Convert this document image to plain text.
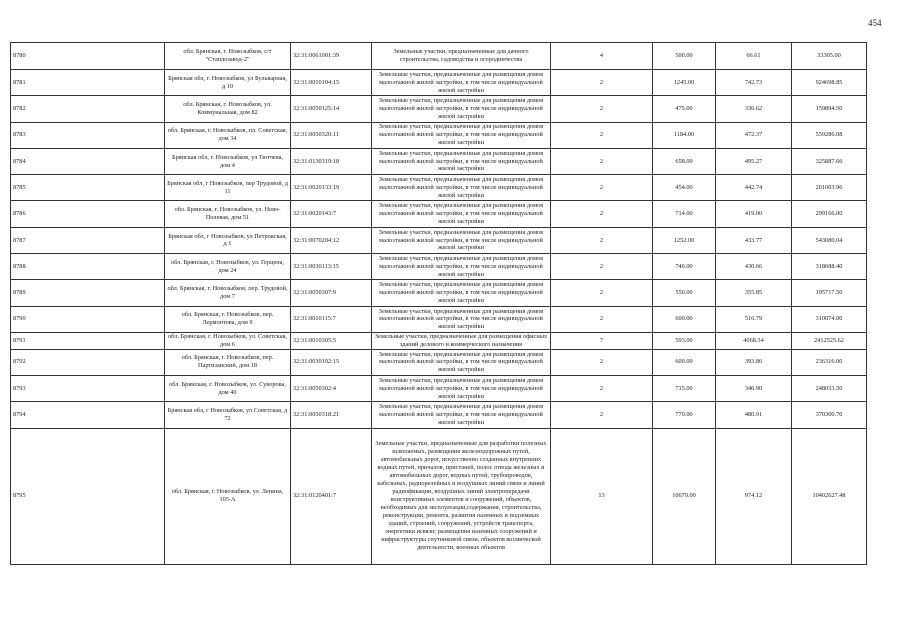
454
8780	обл. Брянская, г. Новозыбков, с/т "Стаплозавод-2"	32:31:0061001:39	Земельные участки, предназначенные для дачного строительства, садоводства и огородничества	4	500.00	66.61	33305.00
8781	Брянская обл, г. Новозыбков, ул Бульварная, д 10	32:31:0010104:15	Земельные участки, предназначенные для размещения домов малоэтажной жилой застройки, в том числе индивидуальной жилой застройки	2	1245.00	742.73	924698.85
8782	обл. Брянская, г. Новозыбков, ул. Коммунальная, дом 82	32:31:0050125:14	Земельные участки, предназначенные для размещения домов малоэтажной жилой застройки, в том числе индивидуальной жилой застройки	2	475.00	336.62	159894.50
8783	обл. Брянская, г. Новозыбков, пл. Советская, дом 34	32:31:0050320:11	Земельные участки, предназначенные для размещения домов малоэтажной жилой застройки, в том числе индивидуальной жилой застройки	2	1184.00	472.37	559286.08
8784	Брянская обл, г. Новозыбков, ул Тютчева, дом 4	32:31:0130319:18	Земельные участки, предназначенные для размещения домов малоэтажной жилой застройки, в том числе индивидуальной жилой застройки	2	658.00	495.27	325887.66
8785	Брянская обл, г Новозыбков, пер Трудовой, д 11	32:31:0020133:19	Земельные участки, предназначенные для размещения домов малоэтажной жилой застройки, в том числе индивидуальной жилой застройки	2	454.00	442.74	201003.96
8786	обл. Брянская, г. Новозыбков, ул. Ново-Полевая, дом 51	32:31:0020143:7	Земельные участки, предназначенные для размещения домов малоэтажной жилой застройки, в том числе индивидуальной жилой застройки	2	714.00	419.00	299166.00
8787	Брянская обл, г Новозыбков, ул Петровская, д 1	32:31:0070204:12	Земельные участки, предназначенные для размещения домов малоэтажной жилой застройки, в том числе индивидуальной жилой застройки	2	1252.00	433.77	543080.04
8788	обл. Брянская, г. Новозыбков, ул. Герцена, дом 24	32:31:0030113:15	Земельные участки, предназначенные для размещения домов малоэтажной жилой застройки, в том числе индивидуальной жилой застройки	2	740.00	430.66	318688.40
8789	обл. Брянская, г. Новозыбков, пер. Трудовой, дом 7	32:31:0050307:9	Земельные участки, предназначенные для размещения домов малоэтажной жилой застройки, в том числе индивидуальной жилой застройки	2	550.00	355.85	195717.50
8790	обл. Брянская, г. Новозыбков, пер. Лермонтова, дом 9	32:31:0010115:7	Земельные участки, предназначенные для размещения домов малоэтажной жилой застройки, в том числе индивидуальной жилой застройки	2	600.00	516.79	310074.00
8791	обл. Брянская, г. Новозыбков, ул. Советская, дом 6	32:31:0010305:5	Земельные участки, предназначенные для размещения офисных зданий делового и коммерческого назначения	7	593.00	4068.34	2412525.62
8792	обл. Брянская, г. Новозыбков, пер. Партизанский, дом 18	32:31:0030102:15	Земельные участки, предназначенные для размещения домов малоэтажной жилой застройки, в том числе индивидуальной жилой застройки	2	600.00	393.86	236316.00
8793	обл. Брянская, г. Новозыбков, ул. Суворова, дом 40	32:31:0050302:4	Земельные участки, предназначенные для размещения домов малоэтажной жилой застройки, в том числе индивидуальной жилой застройки	2	715.00	346.90	248033.50
8794	Брянская обл, г Новозыбков, ул Советская, д 72	32:31:0050318:21	Земельные участки, предназначенные для размещения домов малоэтажной жилой застройки, в том числе индивидуальной жилой застройки	2	770.00	480.91	370300.70
8795	обл. Брянская, г. Новозыбков, ул. Ленина, 105-А	32:31:0120401:7	Земельные участки, предназначенные для разработки полезных ископаемых, размещения железнодорожных путей, автомобильных дорог, искусственно созданных внутренних водных путей, причалов, пристаней, полос отвода железных и автомобильных дорог, водных путей, трубопроводов, кабельных, радиорелейных и воздушных линий связи и линий радиофикации, воздушных линий электропередачи конструктивных элементов и сооружений, объектов, необходимых для эксплуатации,содержания, строительства, реконструкции, ремонта, развития наземных и подземных зданий, строений, сооружений, устройств транспорта, энергетики исвязи; размещения наземных сооружений и инфраструктуры спутниковой связи, объектов космической деятельности, военных объектов	13	10679.00	974.12	10402627.48
